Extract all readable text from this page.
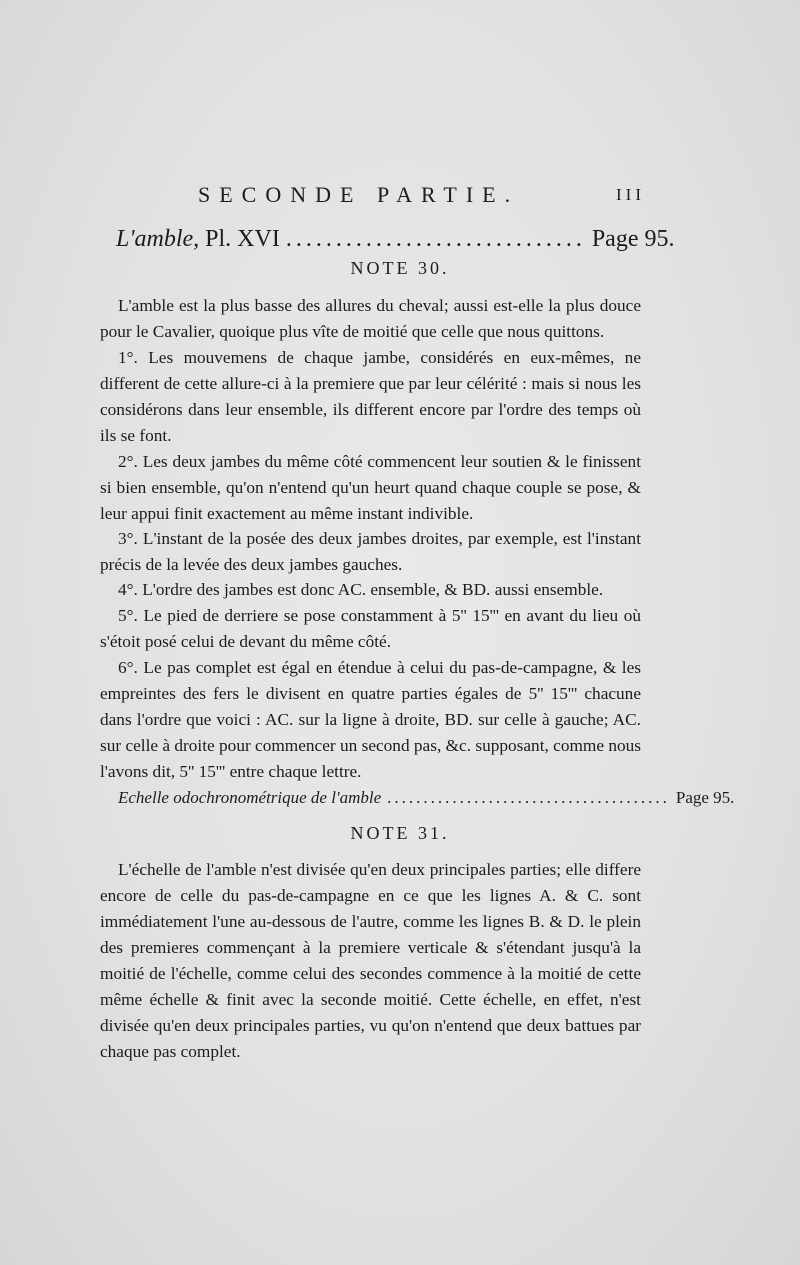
SECONDE PARTIE.	III
L'amble, Pl. XVI .............................. Page 95.
NOTE 30.

L'amble est la plus basse des allures du cheval; aussi est-elle la plus douce pour le Cavalier, quoique plus vîte de moitié que celle que nous quittons.

1°. Les mouvemens de chaque jambe, considérés en eux-mêmes, ne different de cette allure-ci à la premiere que par leur célérité : mais si nous les considérons dans leur ensemble, ils different encore par l'ordre des temps où ils se font.

2°. Les deux jambes du même côté commencent leur soutien & le finissent si bien ensemble, qu'on n'entend qu'un heurt quand chaque couple se pose, & leur appui finit exactement au même instant indivible.

3°. L'instant de la posée des deux jambes droites, par exemple, est l'instant précis de la levée des deux jambes gauches.

4°. L'ordre des jambes est donc AC. ensemble, & BD. aussi ensemble.

5°. Le pied de derriere se pose constamment à 5'' 15''' en avant du lieu où s'étoit posé celui de devant du même côté.

6°. Le pas complet est égal en étendue à celui du pas-de-campagne, & les empreintes des fers le divisent en quatre parties égales de 5'' 15''' chacune dans l'ordre que voici : AC. sur la ligne à droite, BD. sur celle à gauche; AC. sur celle à droite pour commencer un second pas, &c. supposant, comme nous l'avons dit, 5'' 15''' entre chaque lettre.

Echelle odochronométrique de l'amble ....................................... Page 95.
NOTE 31.

L'échelle de l'amble n'est divisée qu'en deux principales parties; elle differe encore de celle du pas-de-campagne en ce que les lignes A. & C. sont immédiatement l'une au-dessous de l'autre, comme les lignes B. & D. le plein des premieres commençant à la premiere verticale & s'étendant jusqu'à la moitié de l'échelle, comme celui des secondes commence à la moitié de cette même échelle & finit avec la seconde moitié. Cette échelle, en effet, n'est divisée qu'en deux principales parties, vu qu'on n'entend que deux battues par chaque pas complet.
